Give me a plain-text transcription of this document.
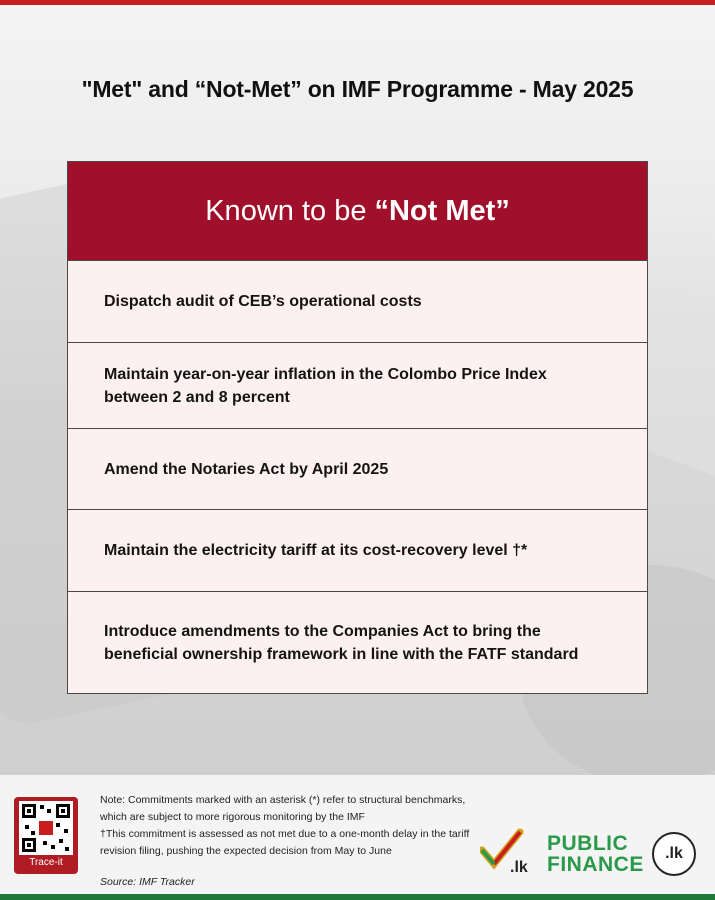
"Met" and “Not-Met” on IMF Programme - May 2025
Known to be “Not Met”
Dispatch audit of CEB’s operational costs
Maintain year-on-year inflation in the Colombo Price Index between 2 and 8 percent
Amend the Notaries Act by April 2025
Maintain the electricity tariff at its cost-recovery level †*
Introduce amendments to the Companies Act to bring the beneficial ownership framework in line with the FATF standard
Trace-it

Note: Commitments marked with an asterisk (*) refer to structural benchmarks, which are subject to more rigorous monitoring by the IMF

†This commitment is assessed as not met due to a one-month delay in the tariff revision filing, pushing the expected decision from May to June

Source: IMF Tracker
.lk
PUBLIC
FINANCE	.lk
